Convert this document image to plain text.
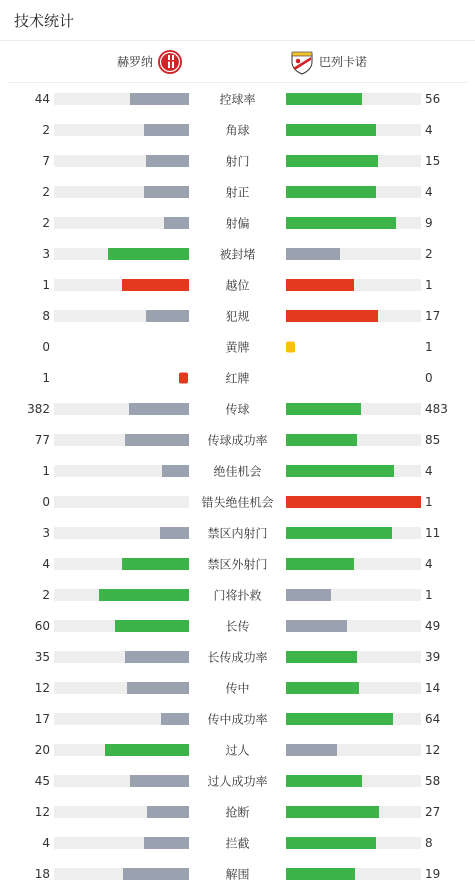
技术统计
赫罗纳	巴列卡诺
44	控球率	56
2	角球	4
7	射门	15
2	射正	4
2	射偏	9
3	被封堵	2
1	越位	1
8	犯规	17
0	黄牌	1
1	红牌	0
382	传球	483
77	传球成功率	85
1	绝佳机会	4
0	错失绝佳机会	1
3	禁区内射门	11
4	禁区外射门	4
2	门将扑救	1
60	长传	49
35	长传成功率	39
12	传中	14
17	传中成功率	64
20	过人	12
45	过人成功率	58
12	抢断	27
4	拦截	8
18	解围	19
